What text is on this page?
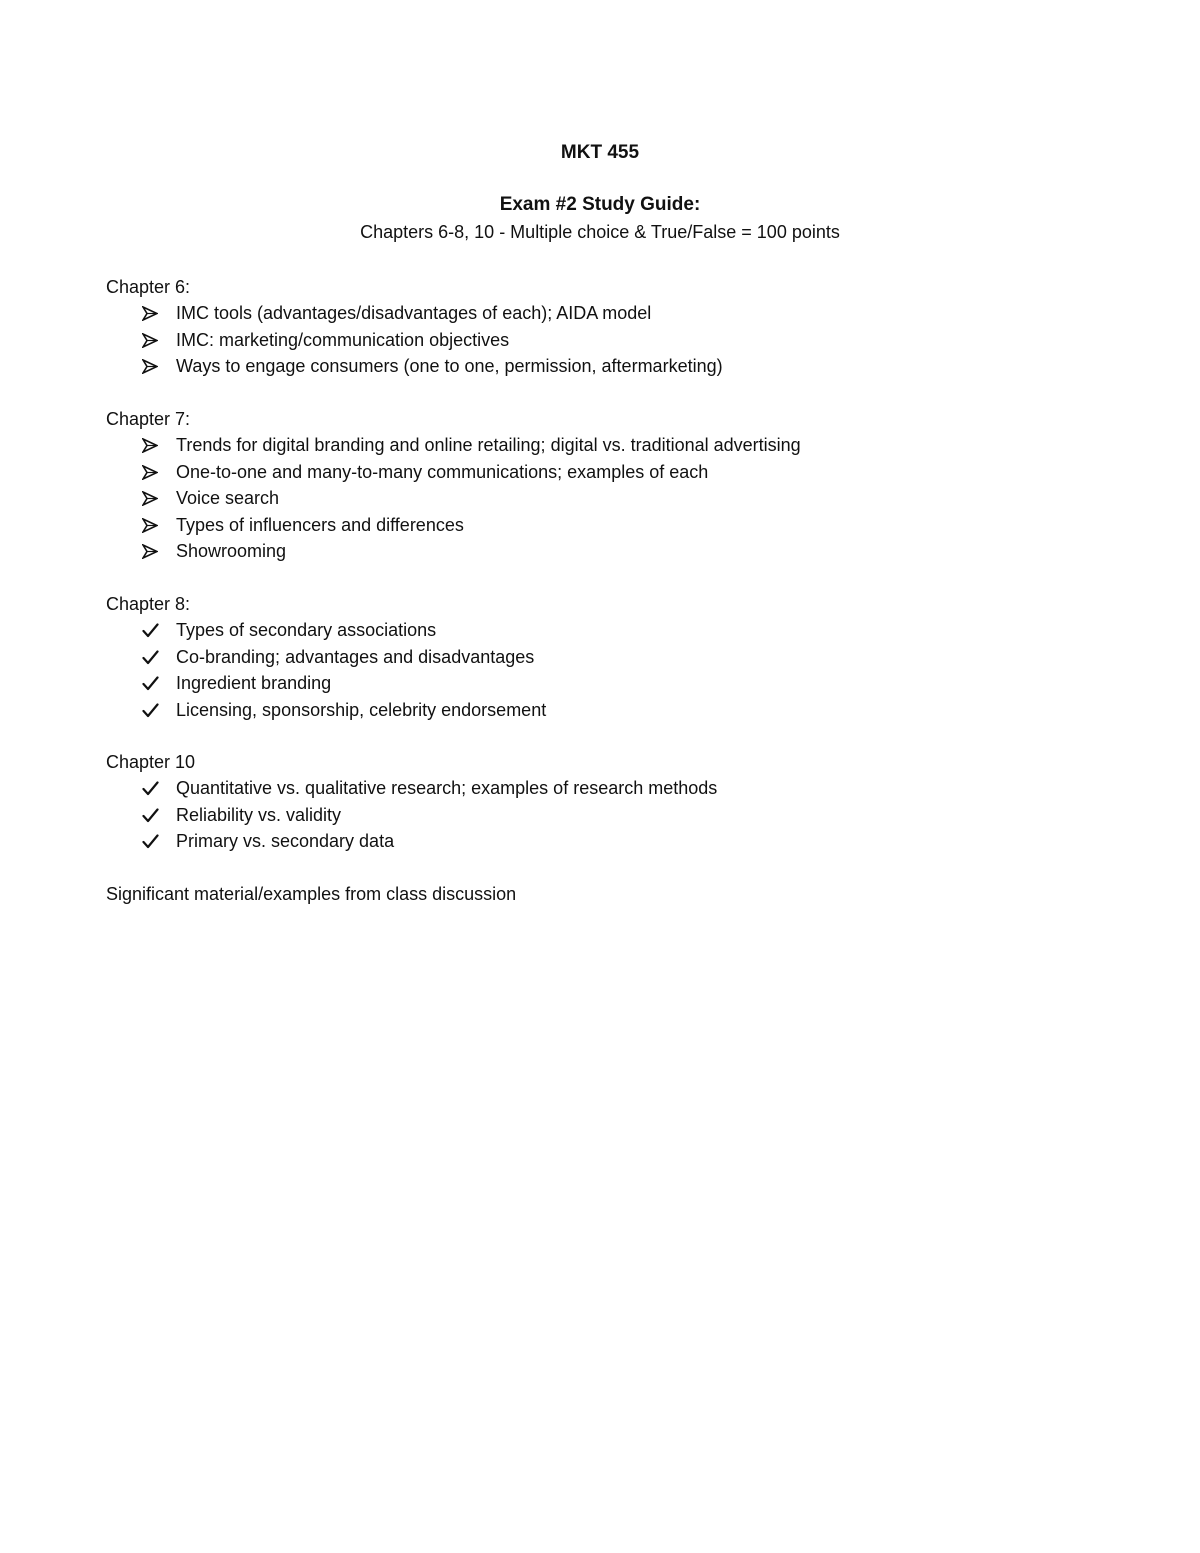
MKT 455
Exam #2 Study Guide:
Chapters 6-8, 10 - Multiple choice & True/False = 100 points
Chapter 6:
IMC tools (advantages/disadvantages of each); AIDA model
IMC: marketing/communication objectives
Ways to engage consumers (one to one, permission, aftermarketing)
Chapter 7:
Trends for digital branding and online retailing; digital vs. traditional advertising
One-to-one and many-to-many communications; examples of each
Voice search
Types of influencers and differences
Showrooming
Chapter 8:
Types of secondary associations
Co-branding; advantages and disadvantages
Ingredient branding
Licensing, sponsorship, celebrity endorsement
Chapter 10
Quantitative vs. qualitative research; examples of research methods
Reliability vs. validity
Primary vs. secondary data
Significant material/examples from class discussion
